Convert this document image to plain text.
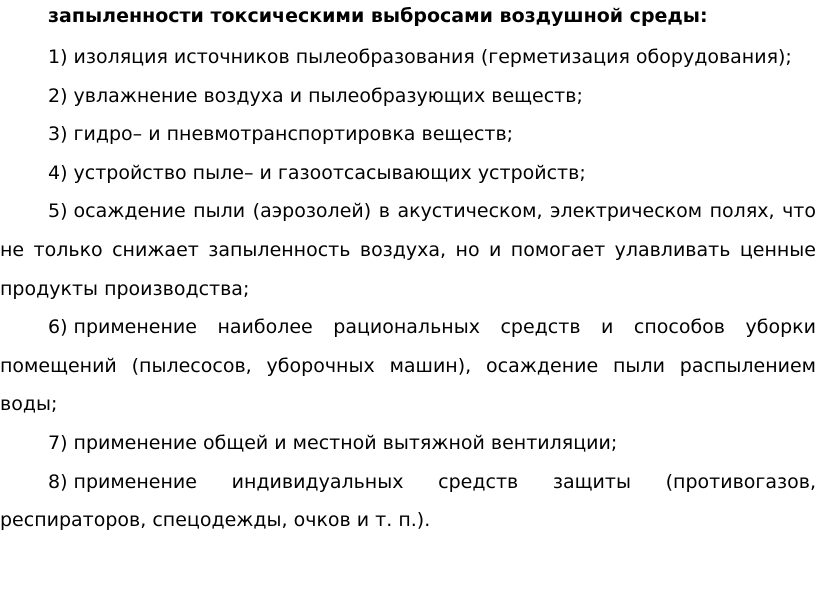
запыленности токсическими выбросами воздушной среды:

1) изоляция источников пылеобразования (герметизация оборудования);

2) увлажнение воздуха и пылеобразующих веществ;

3) гидро– и пневмотранспортировка веществ;

4) устройство пыле– и газоотсасывающих устройств;

5) осаждение пыли (аэрозолей) в акустическом, электрическом полях, что не только снижает запыленность воздуха, но и помогает улавливать ценные продукты производства;

6) применение наиболее рациональных средств и способов уборки помещений (пылесосов, уборочных машин), осаждение пыли распылением воды;

7) применение общей и местной вытяжной вентиляции;

8) применение индивидуальных средств защиты (противогазов, респираторов, спецодежды, очков и т. п.).
